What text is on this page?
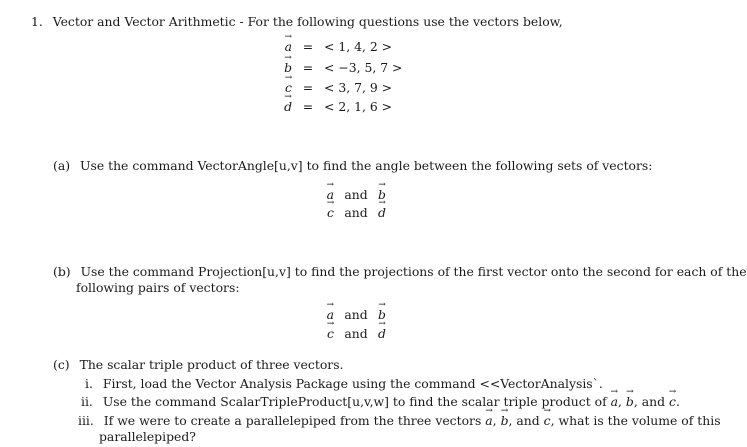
1. Vector and Vector Arithmetic - For the following questions use the vectors below,
→ a = < 1, 4, 2 >
→ b = < −3, 5, 7 >
→ c = < 3, 7, 9 >
→ d = < 2, 1, 6 >
(a) Use the command VectorAngle[u,v] to find the angle between the following sets of vectors:
→ a and → b
→ c and → d
(b) Use the command Projection[u,v] to find the projections of the first vector onto the second for each of the
following pairs of vectors:
→ a and → b
→ c and → d
(c) The scalar triple product of three vectors.
i. First, load the Vector Analysis Package using the command <<VectorAnalysis`.
ii. Use the command ScalarTripleProduct[u,v,w] to find the scalar triple product of → a, → b, and → c.
iii. If we were to create a parallelepiped from the three vectors → a, → b, and → c, what is the volume of this
parallelepiped?
